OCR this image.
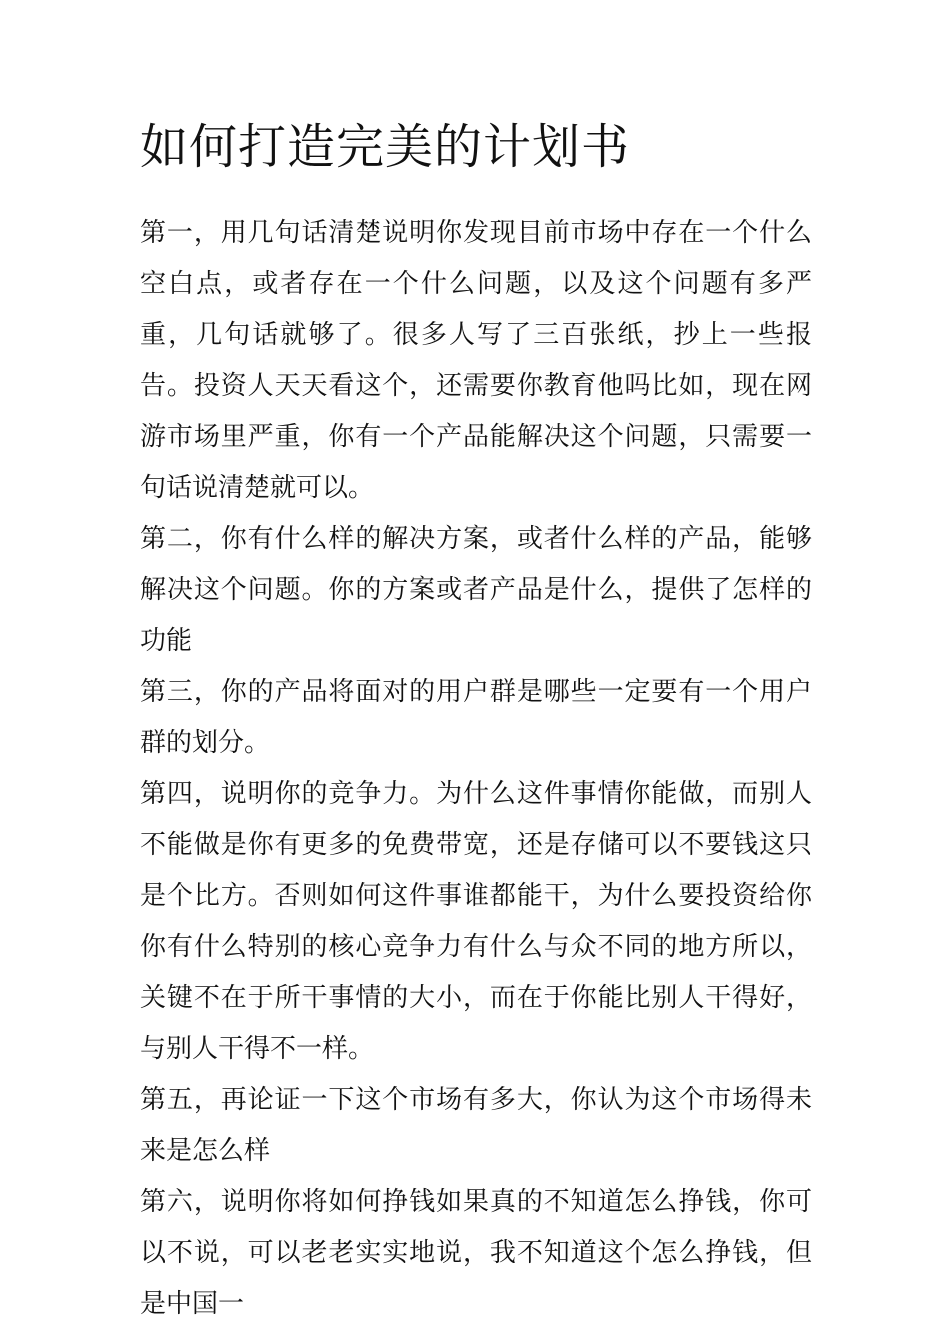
如何打造完美的计划书

第一，用几句话清楚说明你发现目前市场中存在一个什么空白点，或者存在一个什么问题，以及这个问题有多严重，几句话就够了。很多人写了三百张纸，抄上一些报告。投资人天天看这个，还需要你教育他吗比如，现在网游市场里严重，你有一个产品能解决这个问题，只需要一句话说清楚就可以。

第二，你有什么样的解决方案，或者什么样的产品，能够解决这个问题。你的方案或者产品是什么，提供了怎样的功能

第三，你的产品将面对的用户群是哪些一定要有一个用户群的划分。

第四，说明你的竞争力。为什么这件事情你能做，而别人不能做是你有更多的免费带宽，还是存储可以不要钱这只是个比方。否则如何这件事谁都能干，为什么要投资给你你有什么特别的核心竞争力有什么与众不同的地方所以，关键不在于所干事情的大小，而在于你能比别人干得好，与别人干得不一样。

第五，再论证一下这个市场有多大，你认为这个市场得未来是怎么样

第六，说明你将如何挣钱如果真的不知道怎么挣钱，你可以不说，可以老老实实地说，我不知道这个怎么挣钱，但是中国一
